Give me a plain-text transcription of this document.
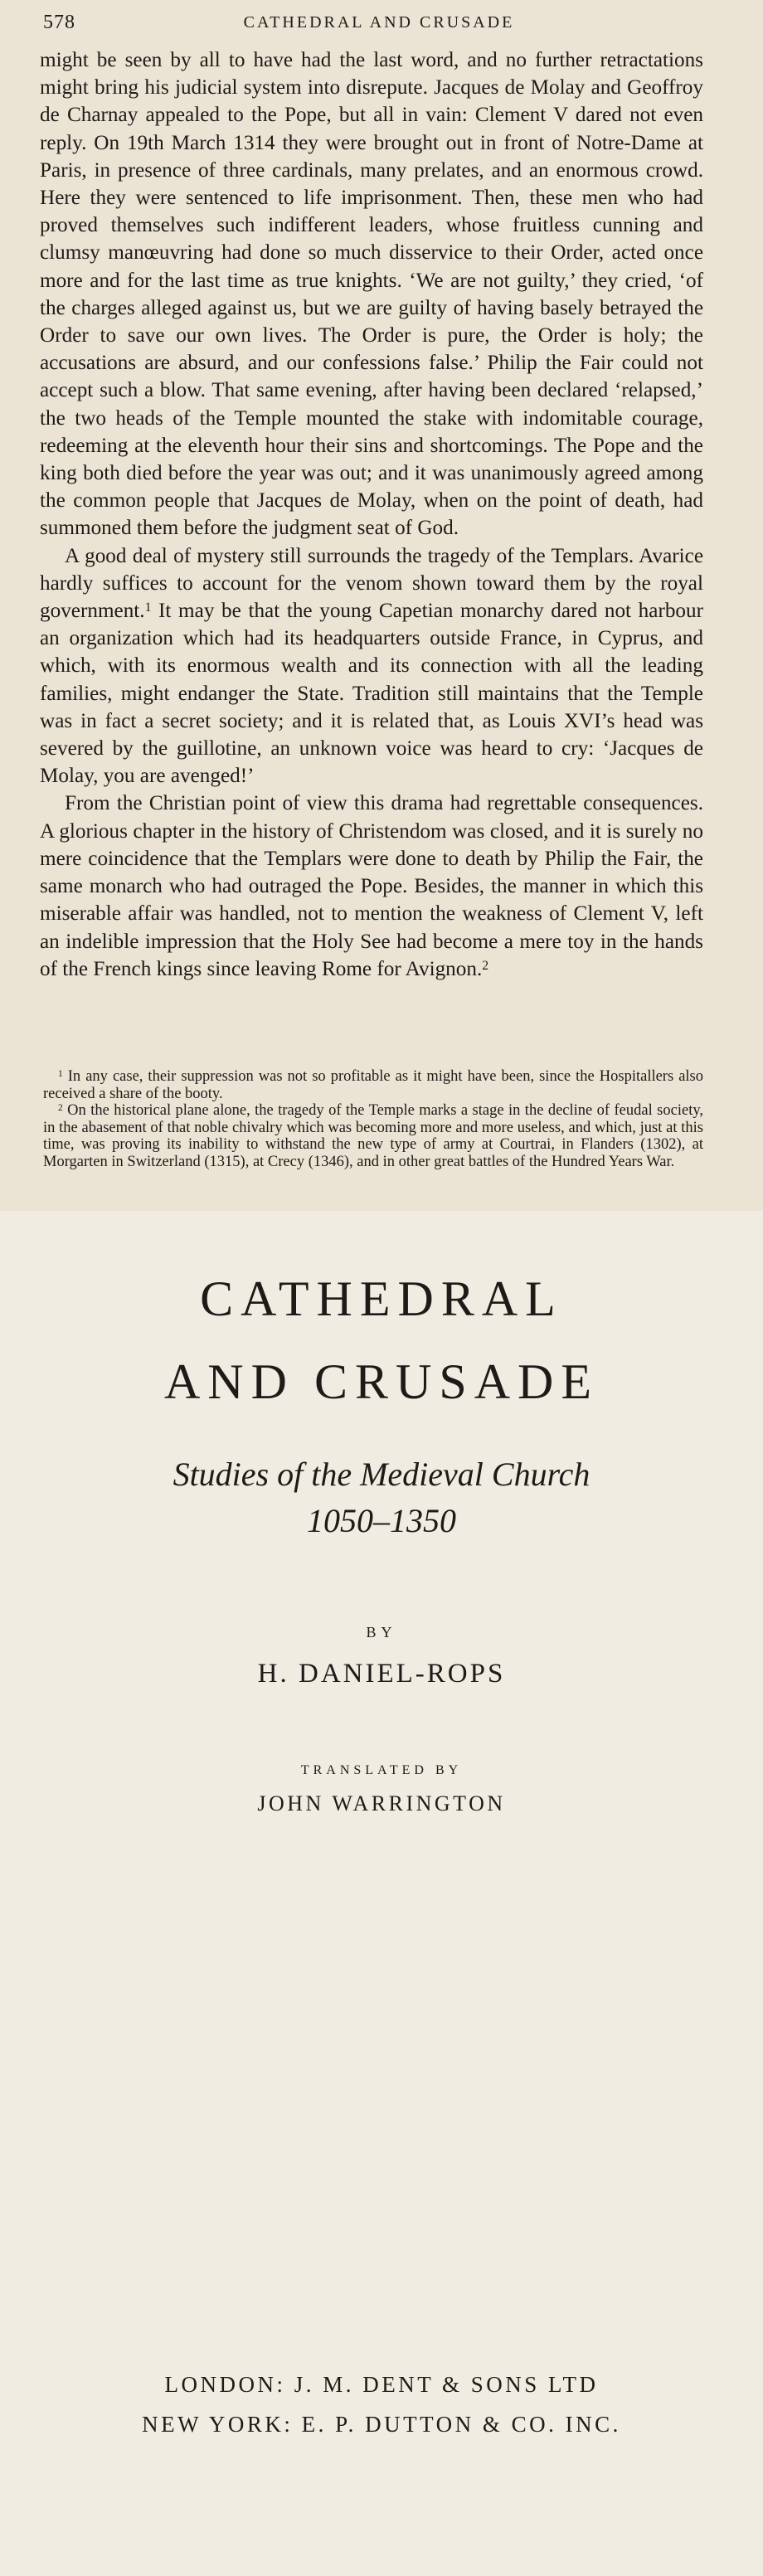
578	CATHEDRAL AND CRUSADE

might be seen by all to have had the last word, and no further retractations might bring his judicial system into disrepute. Jacques de Molay and Geoffroy de Charnay appealed to the Pope, but all in vain: Clement V dared not even reply. On 19th March 1314 they were brought out in front of Notre-Dame at Paris, in presence of three cardinals, many prelates, and an enormous crowd. Here they were sentenced to life imprisonment. Then, these men who had proved themselves such indifferent leaders, whose fruitless cunning and clumsy manœuvring had done so much disservice to their Order, acted once more and for the last time as true knights. ‘We are not guilty,’ they cried, ‘of the charges alleged against us, but we are guilty of having basely betrayed the Order to save our own lives. The Order is pure, the Order is holy; the accusations are absurd, and our confessions false.’ Philip the Fair could not accept such a blow. That same evening, after having been declared ‘relapsed,’ the two heads of the Temple mounted the stake with indomitable courage, redeeming at the eleventh hour their sins and shortcomings. The Pope and the king both died before the year was out; and it was unanimously agreed among the common people that Jacques de Molay, when on the point of death, had summoned them before the judgment seat of God.

A good deal of mystery still surrounds the tragedy of the Templars. Avarice hardly suffices to account for the venom shown toward them by the royal government.$^1$ It may be that the young Capetian monarchy dared not harbour an organization which had its headquarters outside France, in Cyprus, and which, with its enormous wealth and its connection with all the leading families, might endanger the State. Tradition still maintains that the Temple was in fact a secret society; and it is related that, as Louis XVI’s head was severed by the guillotine, an unknown voice was heard to cry: ‘Jacques de Molay, you are avenged!’

From the Christian point of view this drama had regrettable consequences. A glorious chapter in the history of Christendom was closed, and it is surely no mere coincidence that the Templars were done to death by Philip the Fair, the same monarch who had outraged the Pope. Besides, the manner in which this miserable affair was handled, not to mention the weakness of Clement V, left an indelible impression that the Holy See had become a mere toy in the hands of the French kings since leaving Rome for Avignon.$^2$

$^1$ In any case, their suppression was not so profitable as it might have been, since the Hospitallers also received a share of the booty.

$^2$ On the historical plane alone, the tragedy of the Temple marks a stage in the decline of feudal society, in the abasement of that noble chivalry which was becoming more and more useless, and which, just at this time, was proving its inability to withstand the new type of army at Courtrai, in Flanders (1302), at Morgarten in Switzerland (1315), at Crecy (1346), and in other great battles of the Hundred Years War.

CATHEDRAL
AND CRUSADE
Studies of the Medieval Church
1050–1350
BY
H. DANIEL-ROPS
TRANSLATED BY
JOHN WARRINGTON
LONDON: J. M. DENT & SONS LTD
NEW YORK: E. P. DUTTON & CO. INC.
